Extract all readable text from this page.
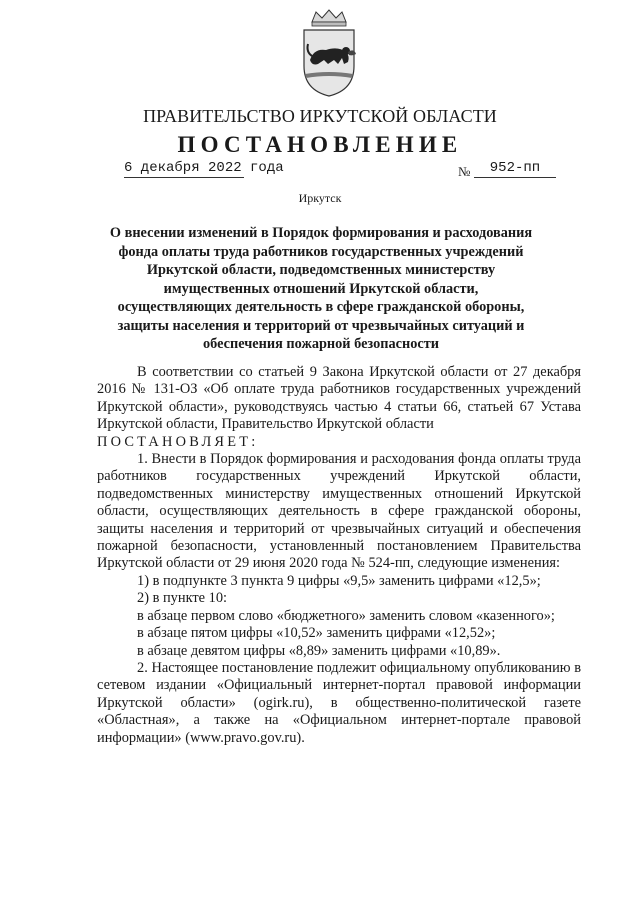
ПРАВИТЕЛЬСТВО ИРКУТСКОЙ ОБЛАСТИ
ПОСТАНОВЛЕНИЕ
6 декабря 2022 года	№	952-пп
Иркутск
О внесении изменений в Порядок формирования и расходования фонда оплаты труда работников государственных учреждений Иркутской области, подведомственных министерству имущественных отношений Иркутской области, осуществляющих деятельность в сфере гражданской обороны, защиты населения и территорий от чрезвычайных ситуаций и обеспечения пожарной безопасности

В соответствии со статьей 9 Закона Иркутской области от 27 декабря 2016 № 131-ОЗ «Об оплате труда работников государственных учреждений Иркутской области», руководствуясь частью 4 статьи 66, статьей 67 Устава Иркутской области, Правительство Иркутской области

ПОСТАНОВЛЯЕТ:

1. Внести в Порядок формирования и расходования фонда оплаты труда работников государственных учреждений Иркутской области, подведомственных министерству имущественных отношений Иркутской области, осуществляющих деятельность в сфере гражданской обороны, защиты населения и территорий от чрезвычайных ситуаций и обеспечения пожарной безопасности, установленный постановлением Правительства Иркутской области от 29 июня 2020 года № 524-пп, следующие изменения:

1) в подпункте 3 пункта 9 цифры «9,5» заменить цифрами «12,5»;

2) в пункте 10:

в абзаце первом слово «бюджетного» заменить словом «казенного»;

в абзаце пятом цифры «10,52» заменить цифрами «12,52»;

в абзаце девятом цифры «8,89» заменить цифрами «10,89».

2. Настоящее постановление подлежит официальному опубликованию в сетевом издании «Официальный интернет-портал правовой информации Иркутской области» (ogirk.ru), в общественно-политической газете «Областная», а также на «Официальном интернет-портале правовой информации» (www.pravo.gov.ru).
